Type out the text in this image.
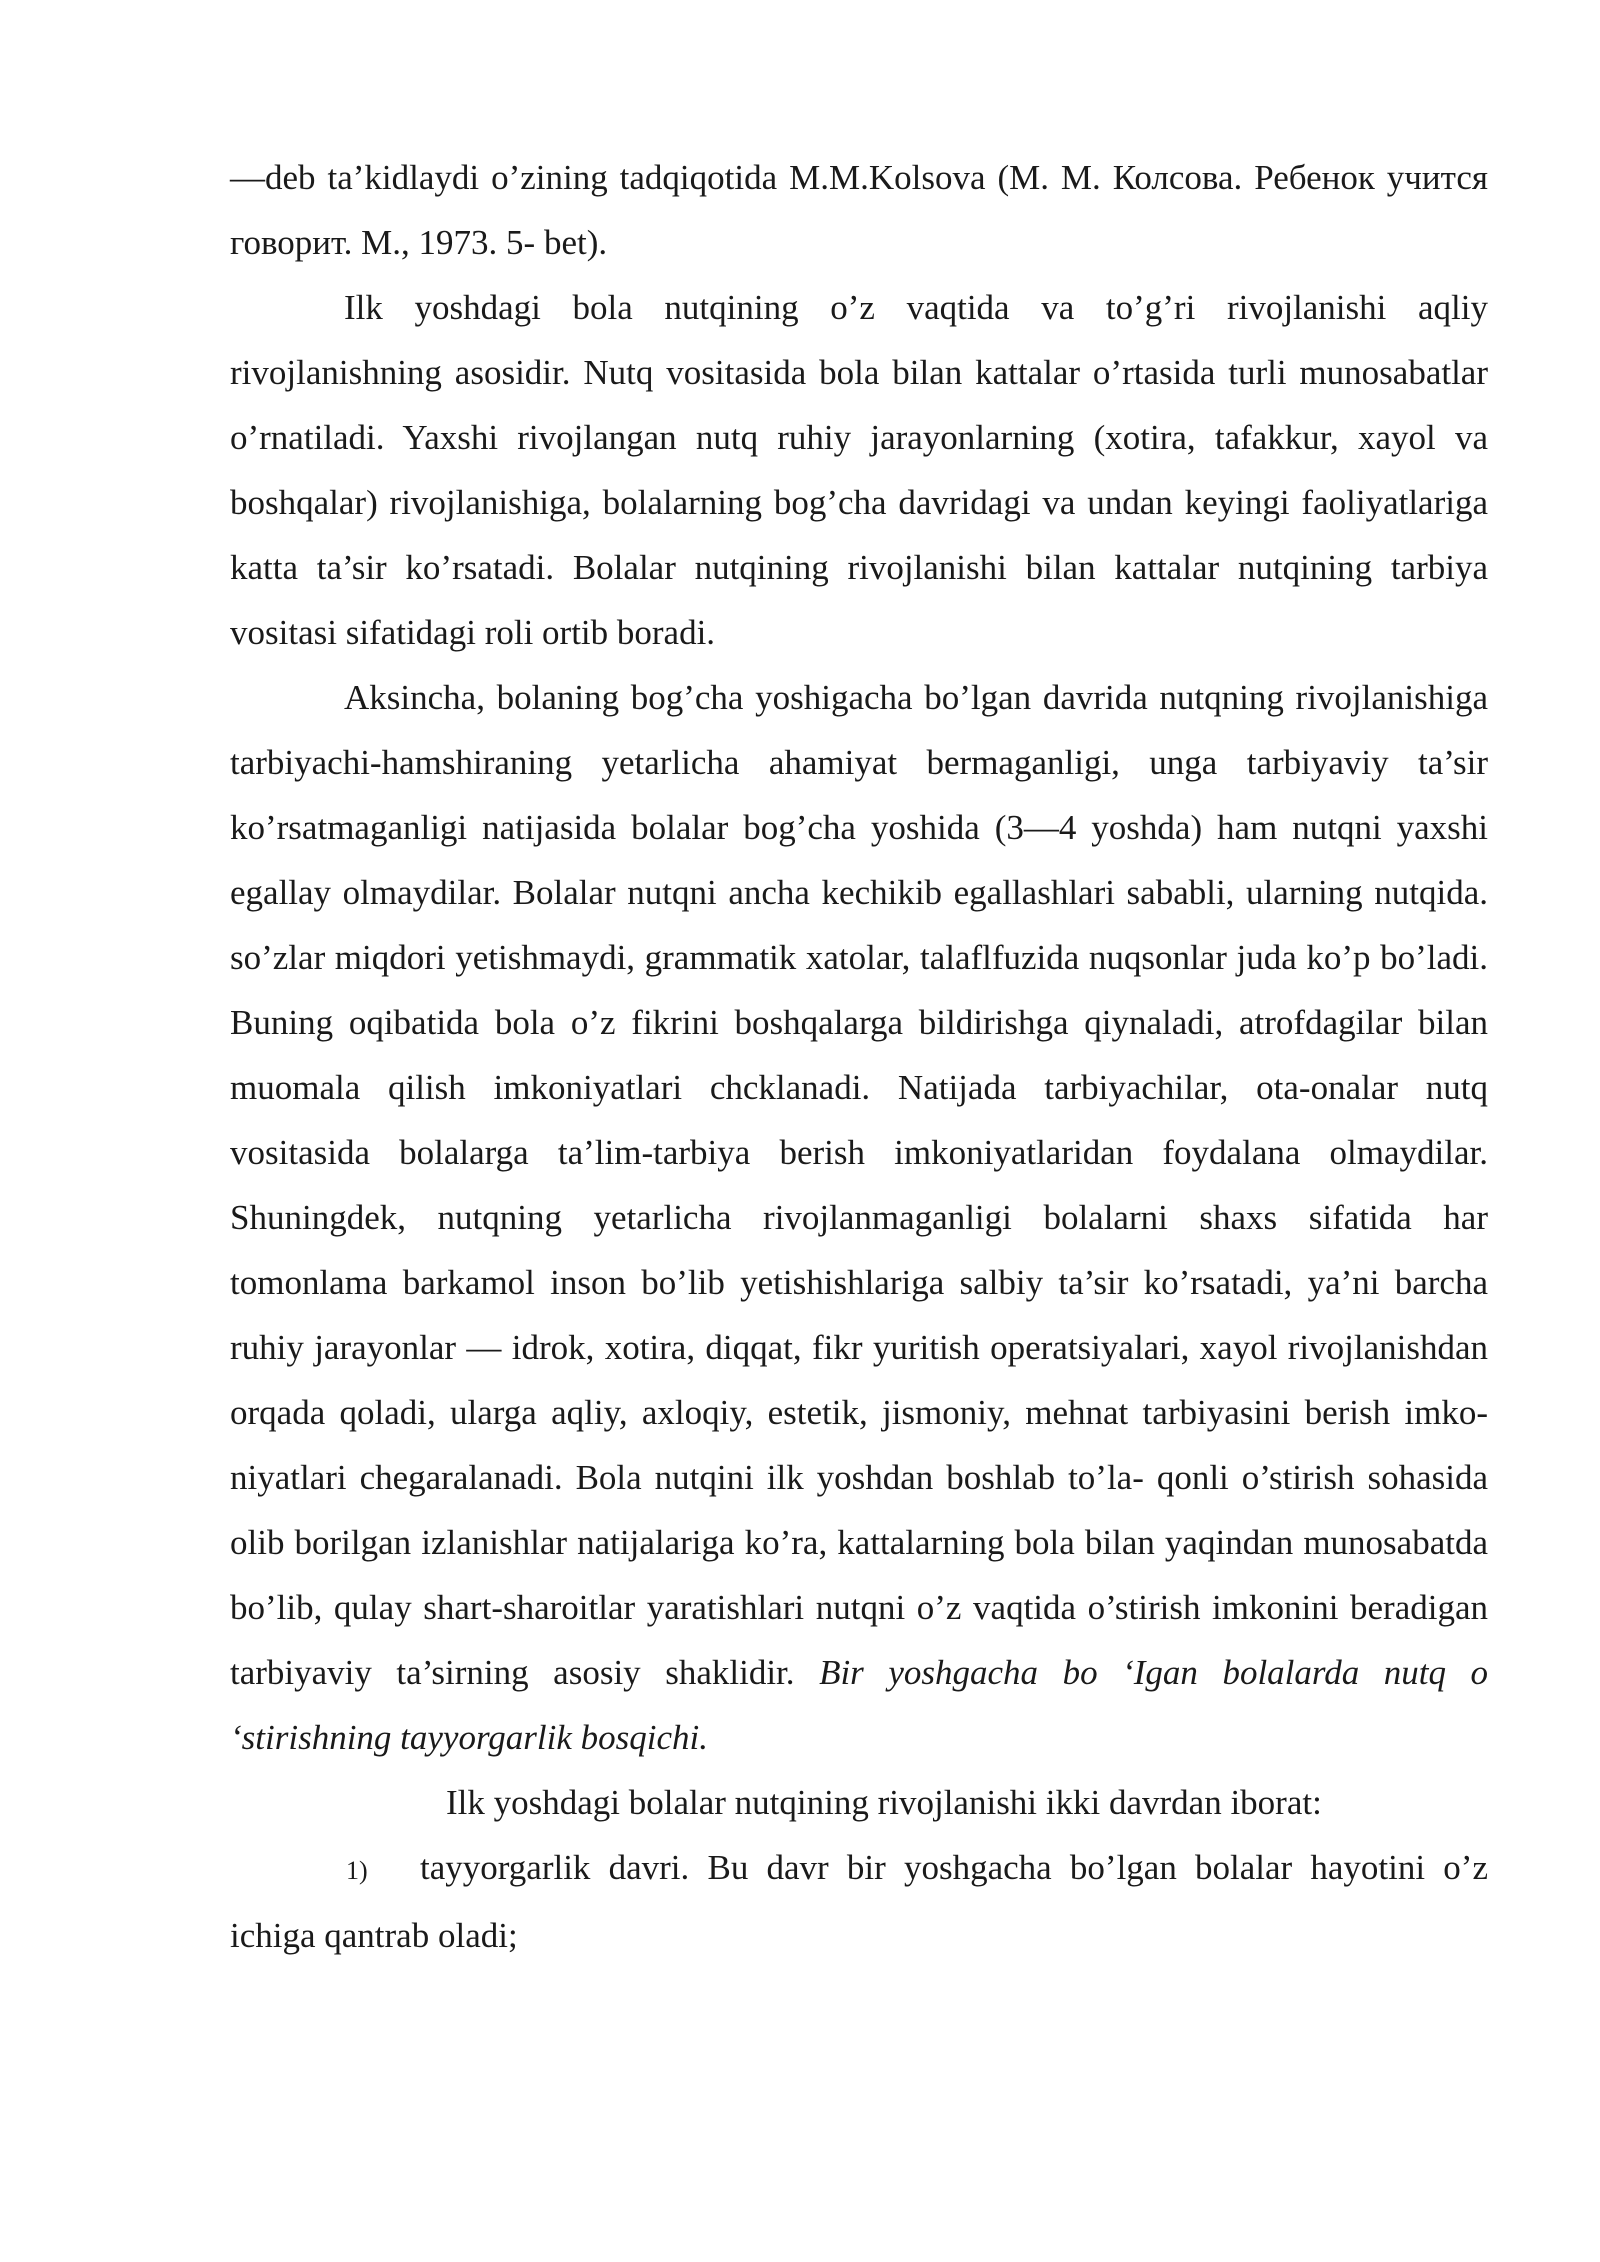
—deb ta’kidlaydi o’zining tadqiqotida M.M.Kolsova (М. М. Колсова. Ребенок учится говорит. М., 1973. 5- bet).

Ilk yoshdagi bola nutqining o’z vaqtida va to’g’ri rivojlanishi aqliy rivojlanishning asosidir. Nutq vositasida bola bilan kattalar o’rtasida turli munosabatlar o’rnatiladi. Yaxshi rivojlangan nutq ruhiy jarayonlarning (xotira, tafakkur, xayol va boshqalar) rivojlanishiga, bolalarning bog’cha davridagi va undan keyingi faoliyatlariga katta ta’sir ko’rsatadi. Bolalar nutqining rivojlanishi bilan kattalar nutqining tarbiya vositasi sifatidagi roli ortib boradi.

Aksincha, bolaning bog’cha yoshigacha bo’lgan davrida nutqning rivojlanishiga tarbiyachi-hamshiraning yetarlicha ahamiyat bermaganligi, unga tarbiyaviy ta’sir ko’rsatmaganligi natijasida bolalar bog’cha yoshida (3—4 yoshda) ham nutqni yaxshi egallay olmaydilar. Bolalar nutqni ancha kechikib egallashlari sababli, ularning nutqida. so’zlar miqdori yetishmaydi, grammatik xatolar, talaflfuzida nuqsonlar juda ko’p bo’ladi. Buning oqibatida bola o’z fikrini boshqalarga bildirishga qiynaladi, atrofdagilar bilan muomala qilish imkoniyatlari chcklanadi. Natijada tarbiyachilar, ota-onalar nutq vositasida bolalarga ta’lim-tarbiya berish imkoniyatlaridan foydalana olmaydilar. Shuningdek, nutqning yetarlicha rivojlanmaganligi bolalarni shaxs sifatida har tomonlama barkamol inson bo’lib yetishishlariga salbiy ta’sir ko’rsatadi, ya’ni barcha ruhiy jarayonlar — idrok, xotira, diqqat, fikr yuritish operatsiyalari, xayol rivojlanishdan orqada qoladi, ularga aqliy, axloqiy, estetik, jismoniy, mehnat tarbiyasini berish imko- niyatlari chegaralanadi. Bola nutqini ilk yoshdan boshlab to’la- qonli o’stirish sohasida olib borilgan izlanishlar natijalariga ko’ra, kattalarning bola bilan yaqindan munosabatda bo’lib, qulay shart-sharoitlar yaratishlari nutqni o’z vaqtida o’stirish imkonini beradigan tarbiyaviy ta’sirning asosiy shaklidir. Bir yoshgacha bo ‘Igan bolalarda nutq o ‘stirishning tayyorgarlik bosqichi.

Ilk yoshdagi bolalar nutqining rivojlanishi ikki davrdan iborat:

1) tayyorgarlik davri. Bu davr bir yoshgacha bo’lgan bolalar hayotini o’z ichiga qantrab oladi;
